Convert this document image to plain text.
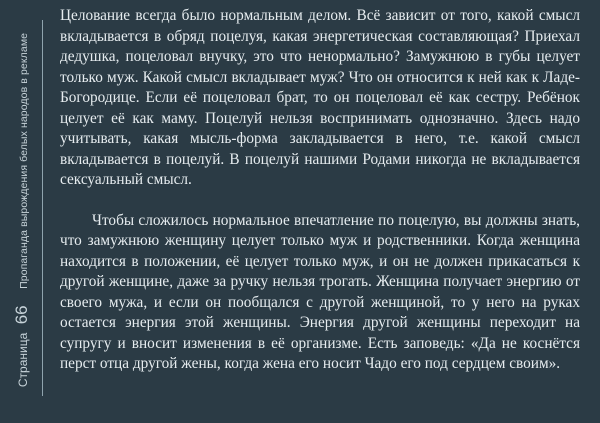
Страница 66 Пропаганда вырождения белых народов в рекламе

Целование всегда было нормальным делом. Всё зависит от того, какой смысл вкладывается в обряд поцелуя, какая энергетическая составляющая? Приехал дедушка, поцеловал внучку, это что ненормально? Замужнюю в губы целует только муж. Какой смысл вкладывает муж? Что он относится к ней как к Ладе-Богородице. Если её поцеловал брат, то он поцеловал её как сестру. Ребёнок целует её как маму. Поцелуй нельзя воспринимать однозначно. Здесь надо учитывать, какая мысль-форма закладывается в него, т.е. какой смысл вкладывается в поцелуй. В поцелуй нашими Родами никогда не вкладывается сексуальный смысл.

Чтобы сложилось нормальное впечатление по поцелую, вы должны знать, что замужнюю женщину целует только муж и родственники. Когда женщина находится в положении, её целует только муж, и он не должен прикасаться к другой женщине, даже за ручку нельзя трогать. Женщина получает энергию от своего мужа, и если он пообщался с другой женщиной, то у него на руках остается энергия этой женщины. Энергия другой женщины переходит на супругу и вносит изменения в её организме. Есть заповедь: «Да не коснётся перст отца другой жены, когда жена его носит Чадо его под сердцем своим».
